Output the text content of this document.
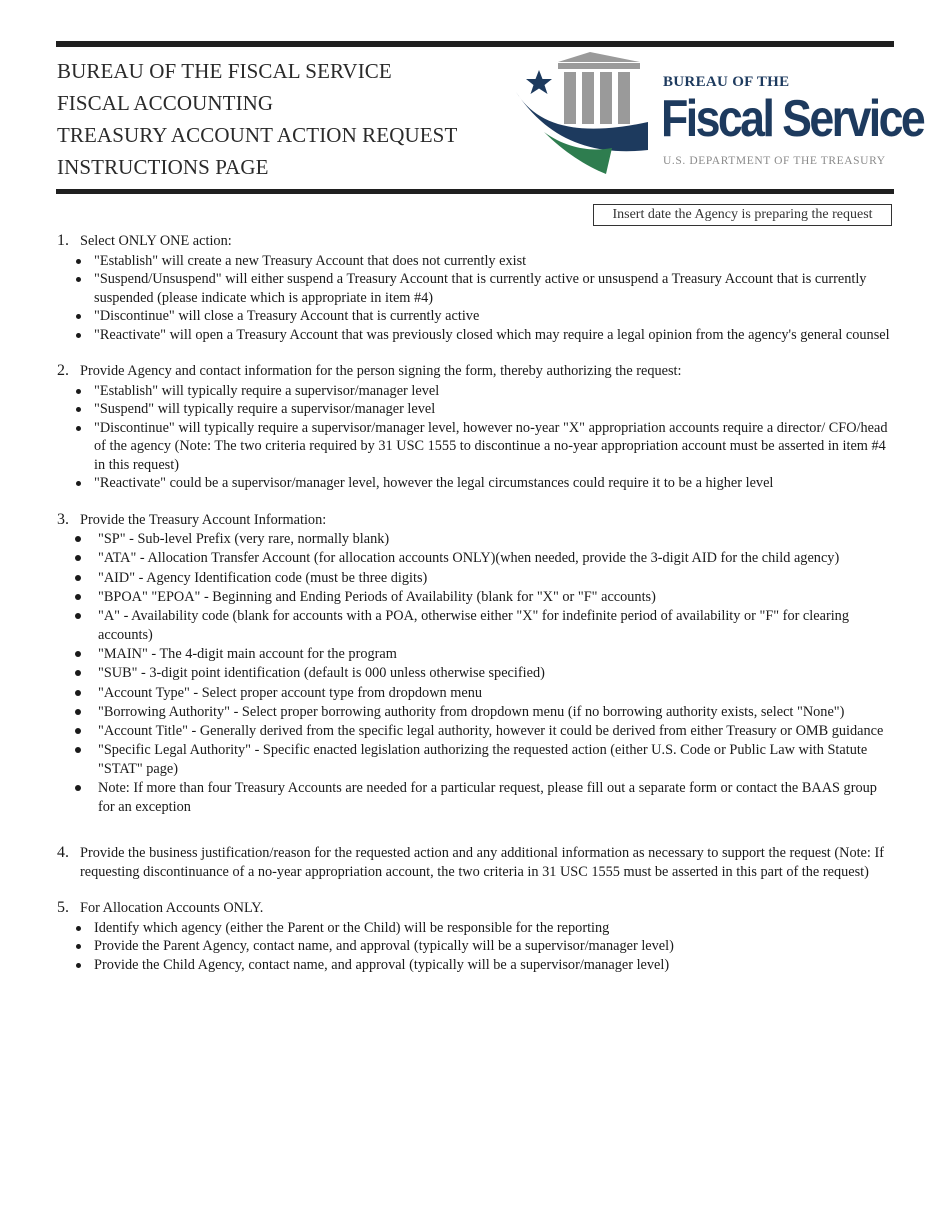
BUREAU OF THE FISCAL SERVICE
FISCAL ACCOUNTING
TREASURY ACCOUNT ACTION REQUEST
INSTRUCTIONS PAGE
BUREAU OF THE
Fiscal Service
U.S. DEPARTMENT OF THE TREASURY
Insert date the Agency is preparing the request
1. Select ONLY ONE action:
"Establish" will create a new Treasury Account that does not currently exist
"Suspend/Unsuspend" will either suspend a Treasury Account that is currently active or unsuspend a Treasury Account that is currently suspended (please indicate which is appropriate in item #4)
"Discontinue" will close a Treasury Account that is currently active
"Reactivate" will open a Treasury Account that was previously closed which may require a legal opinion from the agency's general counsel
2. Provide Agency and contact information for the person signing the form, thereby authorizing the request:
"Establish" will typically require a supervisor/manager level
"Suspend" will typically require a supervisor/manager level
"Discontinue" will typically require a supervisor/manager level, however no-year "X" appropriation accounts require a director/ CFO/head of the agency (Note: The two criteria required by 31 USC 1555 to discontinue a no-year appropriation account must be asserted in item #4 in this request)
"Reactivate" could be a supervisor/manager level, however the legal circumstances could require it to be a higher level
3. Provide the Treasury Account Information:
"SP" - Sub-level Prefix (very rare, normally blank)
"ATA" - Allocation Transfer Account (for allocation accounts ONLY)(when needed, provide the 3-digit AID for the child agency)
"AID" - Agency Identification code (must be three digits)
"BPOA" "EPOA" - Beginning and Ending Periods of Availability (blank for "X" or "F" accounts)
"A" - Availability code (blank for accounts with a POA, otherwise either "X" for indefinite period of availability or "F" for clearing accounts)
"MAIN" - The 4-digit main account for the program
"SUB" - 3-digit point identification (default is 000 unless otherwise specified)
"Account Type" - Select proper account type from dropdown menu
"Borrowing Authority" - Select proper borrowing authority from dropdown menu (if no borrowing authority exists, select "None")
"Account Title" - Generally derived from the specific legal authority, however it could be derived from either Treasury or OMB guidance
"Specific Legal Authority" - Specific enacted legislation authorizing the requested action (either U.S. Code or Public Law with Statute "STAT" page)
Note: If more than four Treasury Accounts are needed for a particular request, please fill out a separate form or contact the BAAS group for an exception
4. Provide the business justification/reason for the requested action and any additional information as necessary to support the request (Note: If requesting discontinuance of a no-year appropriation account, the two criteria in 31 USC 1555 must be asserted in this part of the request)
5. For Allocation Accounts ONLY.
Identify which agency (either the Parent or the Child) will be responsible for the reporting
Provide the Parent Agency, contact name, and approval (typically will be a supervisor/manager level)
Provide the Child Agency, contact name, and approval (typically will be a supervisor/manager level)
